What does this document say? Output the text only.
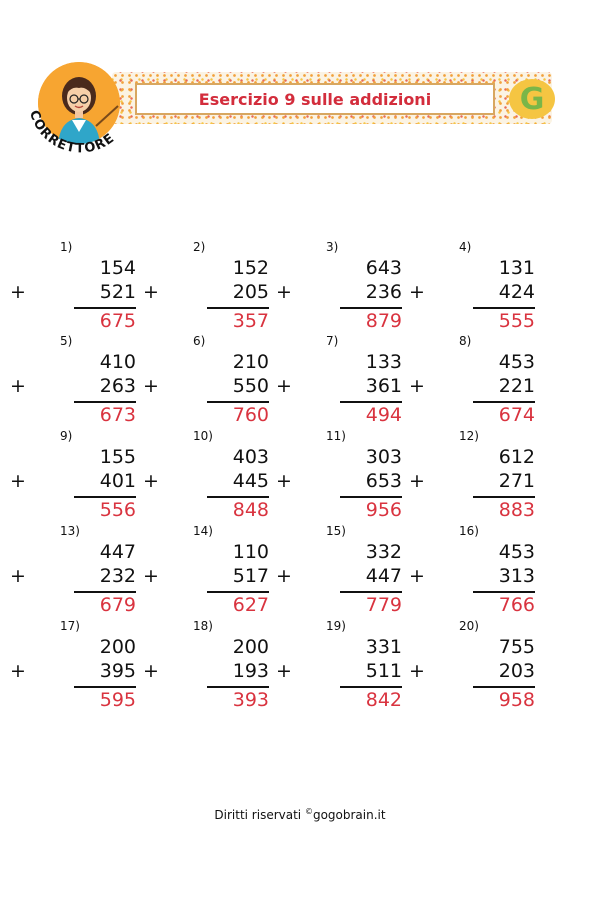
Esercizio 9 sulle addizioni	G
CORRETTORE
1)
154
+	521
675
2)
152
+	205
357
3)
643
+	236
879
4)
131
+	424
555
5)
410
+	263
673
6)
210
+	550
760
7)
133
+	361
494
8)
453
+	221
674
9)
155
+	401
556
10)
403
+	445
848
11)
303
+	653
956
12)
612
+	271
883
13)
447
+	232
679
14)
110
+	517
627
15)
332
+	447
779
16)
453
+	313
766
17)
200
+	395
595
18)
200
+	193
393
19)
331
+	511
842
20)
755
+	203
958
Diritti riservati ©gogobrain.it
